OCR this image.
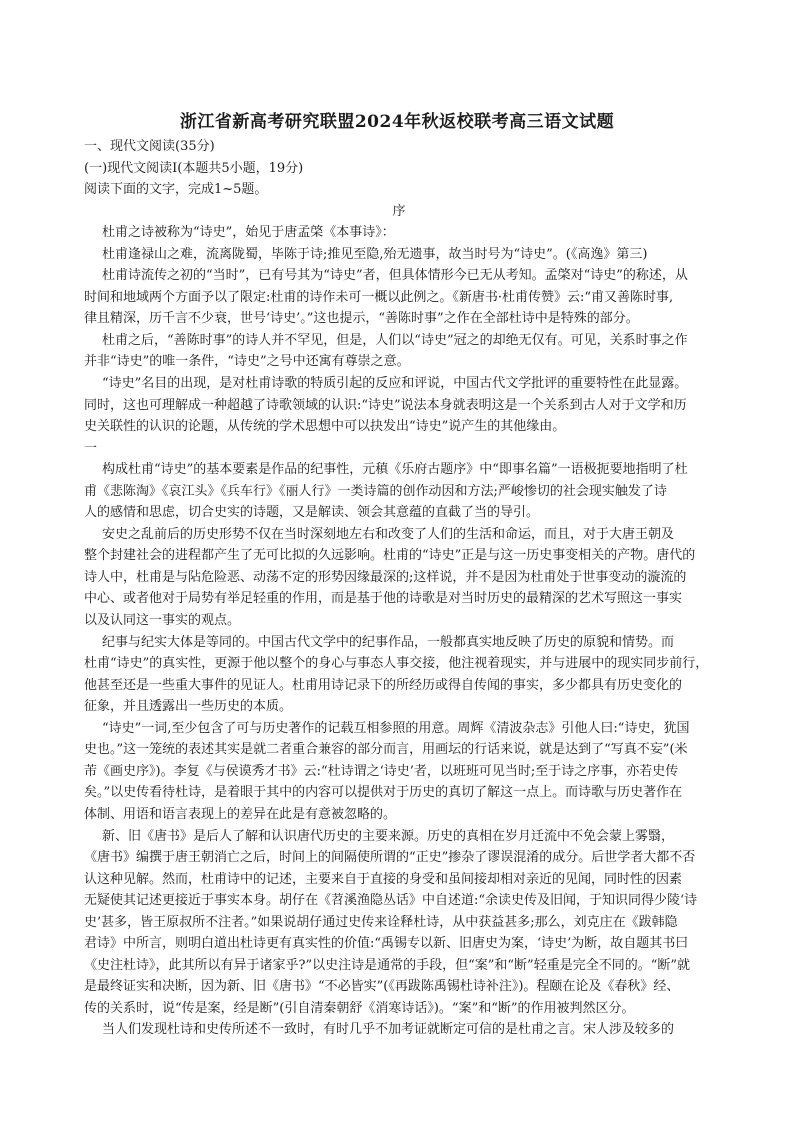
浙江省新高考研究联盟2024年秋返校联考高三语文试题
一、现代文阅读(35分)
(一)现代文阅读I(本题共5小题，19分)
阅读下面的文字，完成1~5题。
序
杜甫之诗被称为“诗史”，始见于唐孟棨《本事诗》：
杜甫逢禄山之难，流离陇蜀，毕陈于诗;推见至隐,殆无遗事，故当时号为“诗史”。(《高逸》第三)
杜甫诗流传之初的“当时”，已有号其为“诗史”者，但具体情形今已无从考知。孟棨对“诗史”的称述，从
时间和地域两个方面予以了限定:杜甫的诗作未可一概以此例之。《新唐书·杜甫传赞》云:“甫又善陈时事,
律且精深，历千言不少衰，世号‘诗史’。”这也提示，“善陈时事”之作在全部杜诗中是特殊的部分。
杜甫之后，“善陈时事”的诗人并不罕见，但是，人们以“诗史”冠之的却绝无仅有。可见，关系时事之作
并非“诗史”的唯一条件，“诗史”之号中还寓有尊崇之意。
“诗史”名目的出现，是对杜甫诗歌的特质引起的反应和评说，中国古代文学批评的重要特性在此显露。
同时，这也可理解成一种超越了诗歌领域的认识:“诗史”说法本身就表明这是一个关系到古人对于文学和历
史关联性的认识的论题，从传统的学术思想中可以抉发出“诗史”说产生的其他缘由。
一
构成杜甫“诗史”的基本要素是作品的纪事性，元稹《乐府古题序》中“即事名篇”一语极扼要地指明了杜
甫《悲陈淘》《哀江头》《兵车行》《丽人行》一类诗篇的创作动因和方法;严峻惨切的社会现实触发了诗
人的感情和思虑，切合史实的诗题，又是解读、领会其意蕴的直截了当的导引。
安史之乱前后的历史形势不仅在当时深刻地左右和改变了人们的生活和命运，而且，对于大唐王朝及
整个封建社会的进程都产生了无可比拟的久远影响。杜甫的“诗史”正是与这一历史事变相关的产物。唐代的
诗人中，杜甫是与阽危险恶、动荡不定的形势因缘最深的;这样说，并不是因为杜甫处于世事变动的漩流的
中心、或者他对于局势有举足轻重的作用，而是基于他的诗歌是对当时历史的最精深的艺术写照这一事实
以及认同这一事实的观点。
纪事与纪实大体是等同的。中国古代文学中的纪事作品，一般都真实地反映了历史的原貌和情势。而
杜甫“诗史”的真实性，更源于他以整个的身心与事态人事交接，他注视着现实，并与进展中的现实同步前行，
他甚至还是一些重大事件的见证人。杜甫用诗记录下的所经历或得自传闻的事实，多少都具有历史变化的
征象，并且透露出一些历史的本质。
“诗史”一词,至少包含了可与历史著作的记载互相参照的用意。周辉《清波杂志》引他人曰:“诗史，犹国
史也。”这一笼统的表述其实是就二者重合兼容的部分而言，用画坛的行话来说，就是达到了“写真不妄”(米
芾《画史序》)。李复《与侯谟秀才书》云:“杜诗谓之‘诗史’者，以班班可见当时;至于诗之序事，亦若史传
矣。”以史传看待杜诗，是着眼于其中的内容可以提供对于历史的真切了解这一点上。而诗歌与历史著作在
体制、用语和语言表现上的差异在此是有意被忽略的。
新、旧《唐书》是后人了解和认识唐代历史的主要来源。历史的真相在岁月迁流中不免会蒙上雾翳，
《唐书》编撰于唐王朝消亡之后，时间上的间隔使所谓的“正史”掺杂了谬误混淆的成分。后世学者大都不否
认这种见解。然而，杜甫诗中的记述，主要来自于直接的身受和虽间接却相对亲近的见闻，同时性的因素
无疑使其记述更接近于事实本身。胡仔在《苕溪渔隐丛话》中自述道:“余读史传及旧闻，于知识同得少陵‘诗
史’甚多，皆王原叔所不注者。”如果说胡仔通过史传来诠释杜诗，从中获益甚多;那么，刘克庄在《跋韩隐
君诗》中所言，则明白道出杜诗更有真实性的价值:“禹锡专以新、旧唐史为案，‘诗史’为断，故自题其书曰
《史注杜诗》，此其所以有异于诸家乎?”以史注诗是通常的手段，但“案”和“断”轻重是完全不同的。“断”就
是最终证实和决断，因为新、旧《唐书》“不必皆实”(《再跋陈禹锡杜诗补注》)。程颐在论及《春秋》经、
传的关系时，说“传是案，经是断”(引自清秦朝舒《消寒诗话》)。“案”和“断”的作用被判然区分。
当人们发现杜诗和史传所述不一致时，有时几乎不加考证就断定可信的是杜甫之言。宋人涉及较多的
